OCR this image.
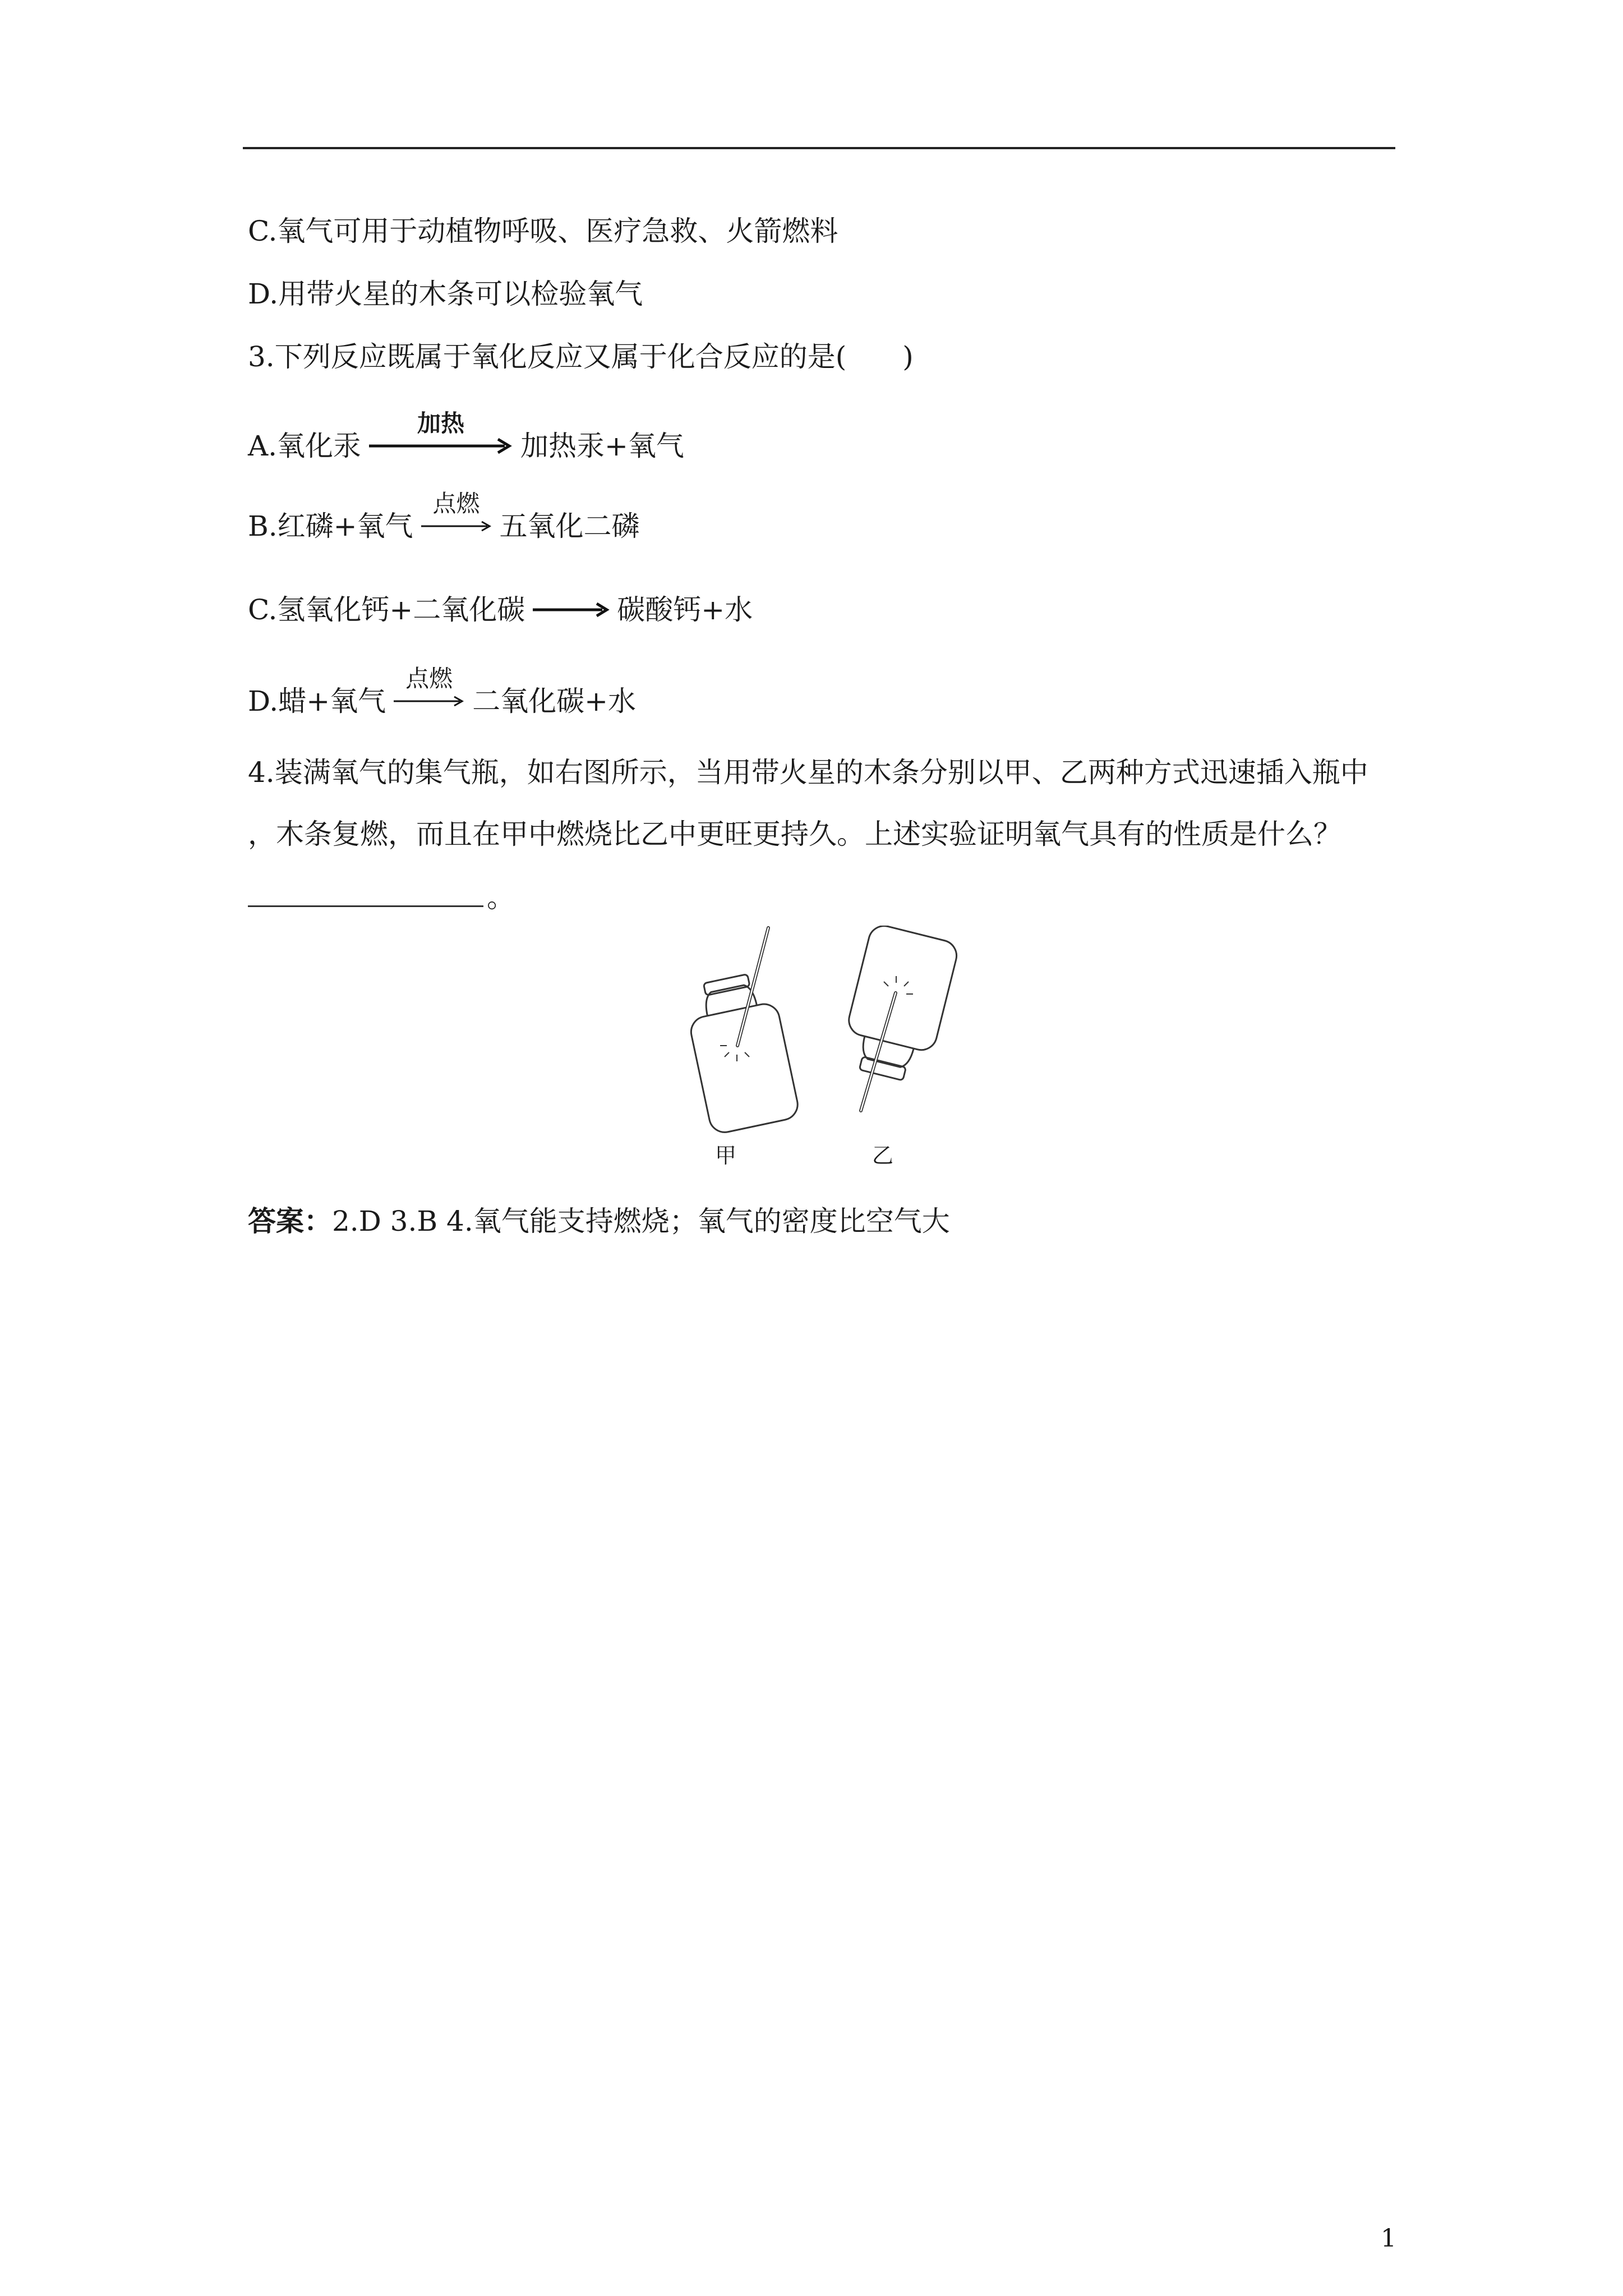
C.氧气可用于动植物呼吸、医疗急救、火箭燃料
D.用带火星的木条可以检验氧气
3.下列反应既属于氧化反应又属于化合反应的是(　　)
A.氧化汞
加热
加热汞+氧气
B.红磷+氧气
点燃
五氧化二磷
C.氢氧化钙+二氧化碳 → 碳酸钙+水
D.蜡+氧气
点燃
二氧化碳+水
4.装满氧气的集气瓶，如右图所示，当用带火星的木条分别以甲、乙两种方式迅速插入瓶中
，木条复燃，而且在甲中燃烧比乙中更旺更持久。上述实验证明氧气具有的性质是什么？
。
甲	乙
答案：2.D 3.B 4.氧气能支持燃烧；氧气的密度比空气大
1
